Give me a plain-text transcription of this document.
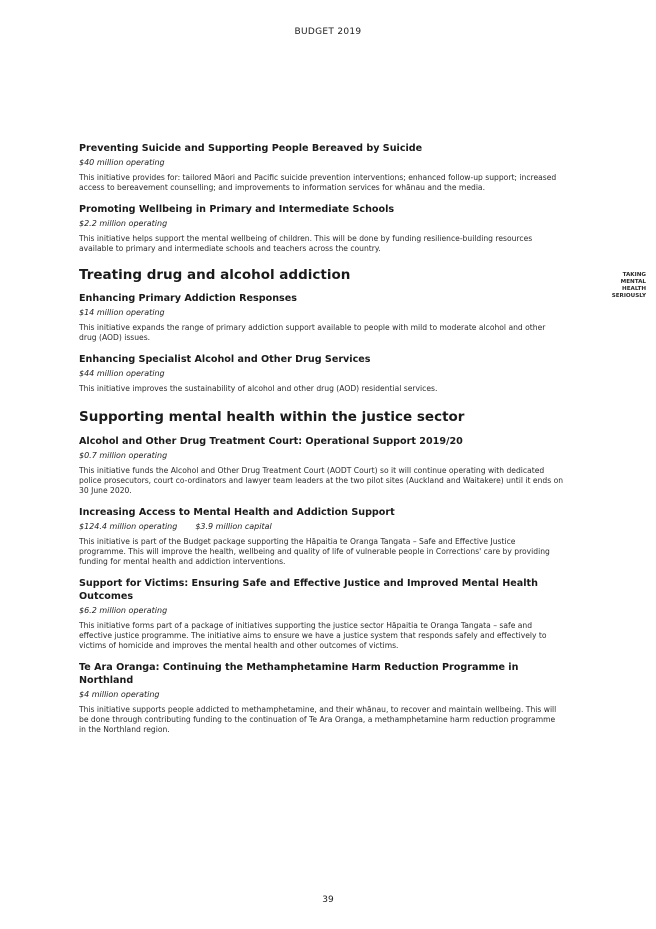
BUDGET 2019
TAKING
MENTAL
HEALTH
SERIOUSLY
Preventing Suicide and Supporting People Bereaved by Suicide
$40 million operating
This initiative provides for: tailored Māori and Pacific suicide prevention interventions; enhanced follow-up support; increased access to bereavement counselling; and improvements to information services for whānau and the media.
Promoting Wellbeing in Primary and Intermediate Schools
$2.2 million operating
This initiative helps support the mental wellbeing of children. This will be done by funding resilience-building resources available to primary and intermediate schools and teachers across the country.
Treating drug and alcohol addiction
Enhancing Primary Addiction Responses
$14 million operating
This initiative expands the range of primary addiction support available to people with mild to moderate alcohol and other drug (AOD) issues.
Enhancing Specialist Alcohol and Other Drug Services
$44 million operating
This initiative improves the sustainability of alcohol and other drug (AOD) residential services.
Supporting mental health within the justice sector
Alcohol and Other Drug Treatment Court: Operational Support 2019/20
$0.7 million operating
This initiative funds the Alcohol and Other Drug Treatment Court (AODT Court) so it will continue operating with dedicated police prosecutors, court co-ordinators and lawyer team leaders at the two pilot sites (Auckland and Waitakere) until it ends on 30 June 2020.
Increasing Access to Mental Health and Addiction Support
$124.4 million operating $3.9 million capital
This initiative is part of the Budget package supporting the Hāpaitia te Oranga Tangata – Safe and Effective Justice programme. This will improve the health, wellbeing and quality of life of vulnerable people in Corrections' care by providing funding for mental health and addiction interventions.
Support for Victims: Ensuring Safe and Effective Justice and Improved Mental Health Outcomes
$6.2 million operating
This initiative forms part of a package of initiatives supporting the justice sector Hāpaitia te Oranga Tangata – safe and effective justice programme. The initiative aims to ensure we have a justice system that responds safely and effectively to victims of homicide and improves the mental health and other outcomes of victims.
Te Ara Oranga: Continuing the Methamphetamine Harm Reduction Programme in Northland
$4 million operating
This initiative supports people addicted to methamphetamine, and their whānau, to recover and maintain wellbeing. This will be done through contributing funding to the continuation of Te Ara Oranga, a methamphetamine harm reduction programme in the Northland region.
39
